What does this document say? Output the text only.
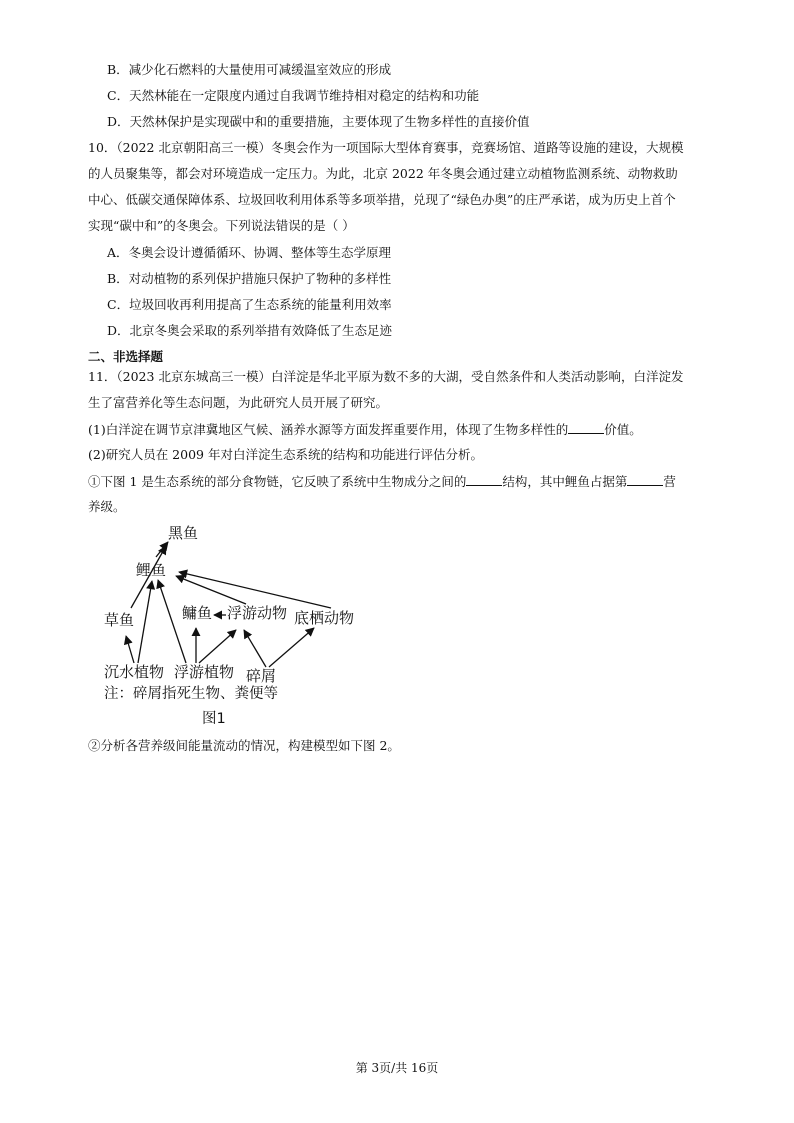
B．减少化石燃料的大量使用可减缓温室效应的形成
C．天然林能在一定限度内通过自我调节维持相对稳定的结构和功能
D．天然林保护是实现碳中和的重要措施，主要体现了生物多样性的直接价值
10．（2022 北京朝阳高三一模）冬奥会作为一项国际大型体育赛事，竞赛场馆、道路等设施的建设，大规模
的人员聚集等，都会对环境造成一定压力。为此，北京 2022 年冬奥会通过建立动植物监测系统、动物救助
中心、低碳交通保障体系、垃圾回收利用体系等多项举措，兑现了“绿色办奥”的庄严承诺，成为历史上首个
实现“碳中和”的冬奥会。下列说法错误的是（ ）
A．冬奥会设计遵循循环、协调、整体等生态学原理
B．对动植物的系列保护措施只保护了物种的多样性
C．垃圾回收再利用提高了生态系统的能量利用效率
D．北京冬奥会采取的系列举措有效降低了生态足迹
二、非选择题
11．（2023 北京东城高三一模）白洋淀是华北平原为数不多的大湖，受自然条件和人类活动影响，白洋淀发
生了富营养化等生态问题，为此研究人员开展了研究。
(1)白洋淀在调节京津冀地区气候、涵养水源等方面发挥重要作用，体现了生物多样性的	价值。
(2)研究人员在 2009 年对白洋淀生态系统的结构和功能进行评估分析。
①下图 1 是生态系统的部分食物链，它反映了系统中生物成分之间的	结构，其中鲤鱼占据第	营
养级。
黑鱼
鲤鱼
草鱼	鳙鱼 浮游动物 底栖动物
沉水植物 浮游植物 碎屑
注：碎屑指死生物、粪便等
图1
②分析各营养级间能量流动的情况，构建模型如下图 2。
第 3页/共 16页
